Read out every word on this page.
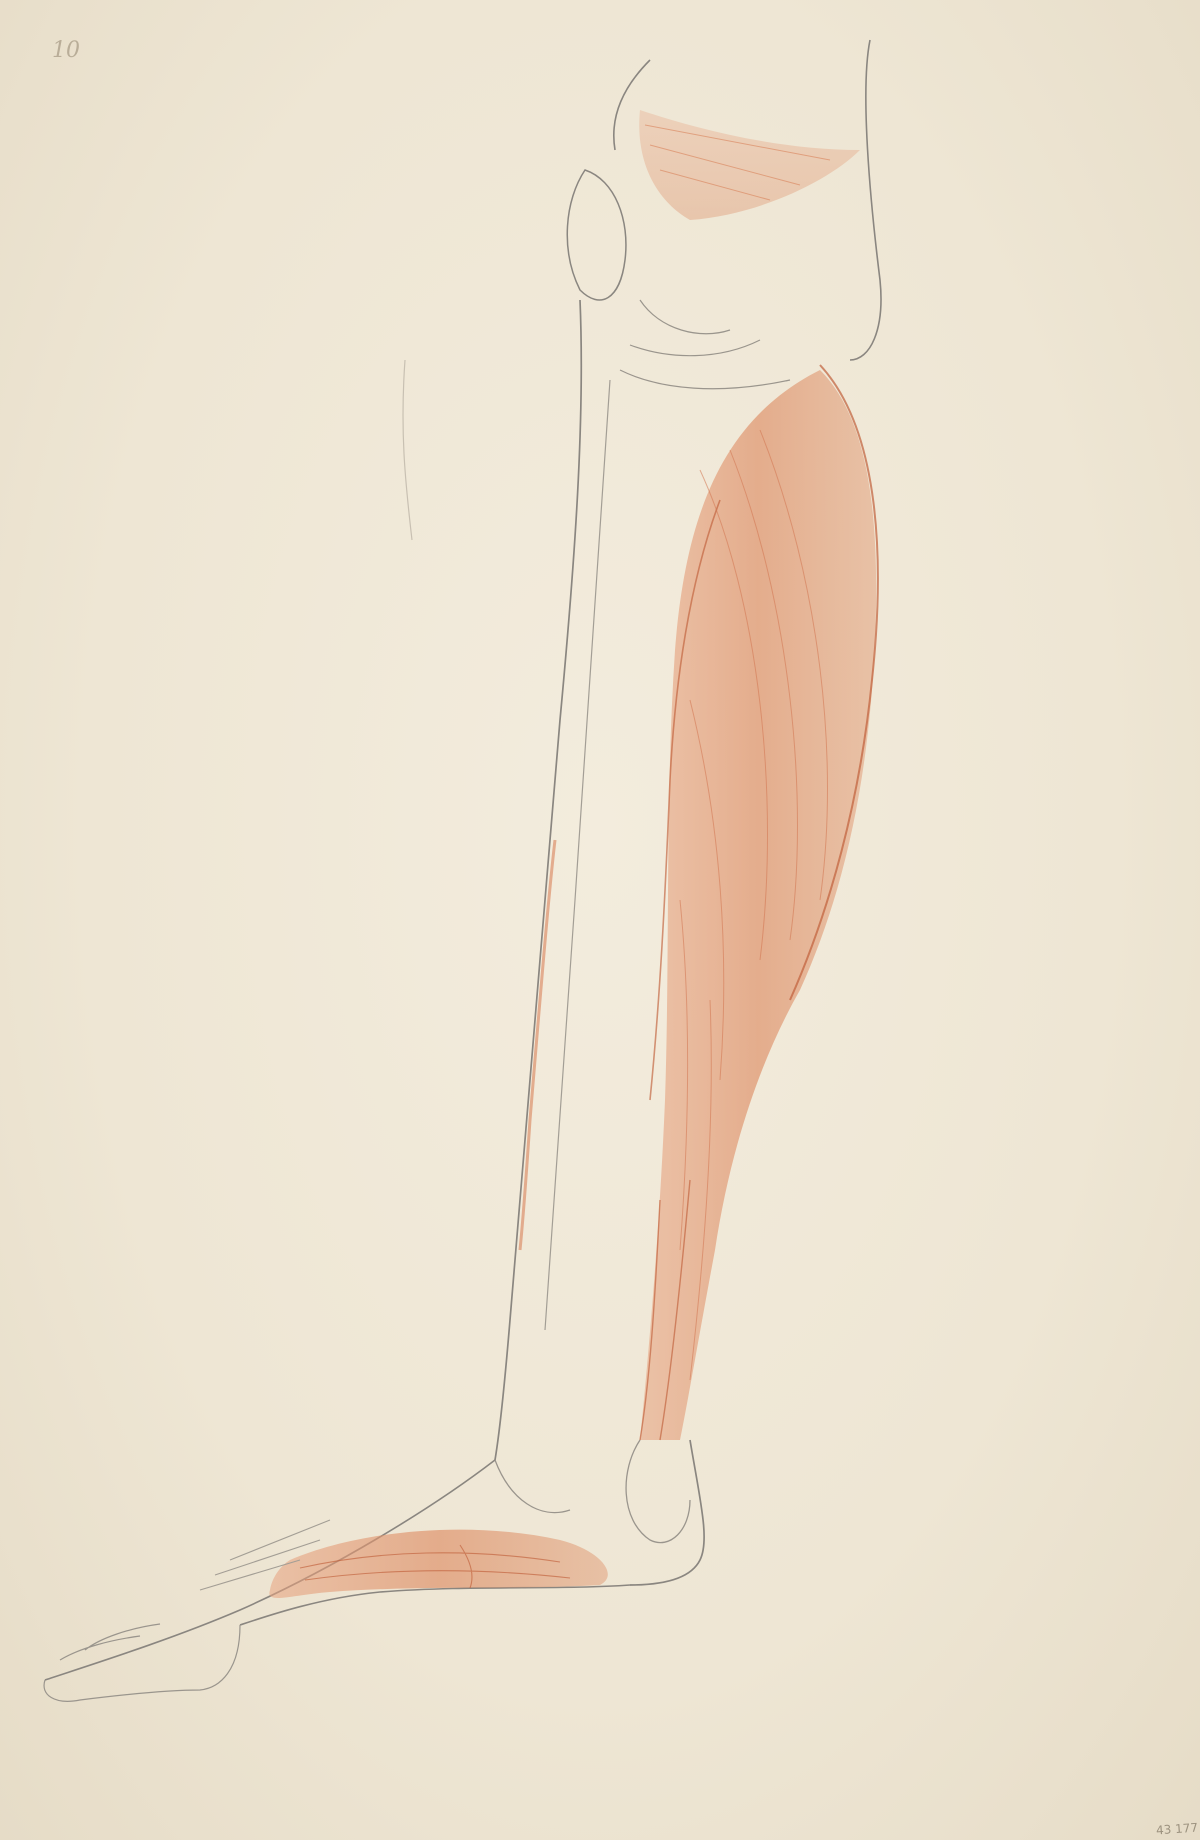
10
43 177
